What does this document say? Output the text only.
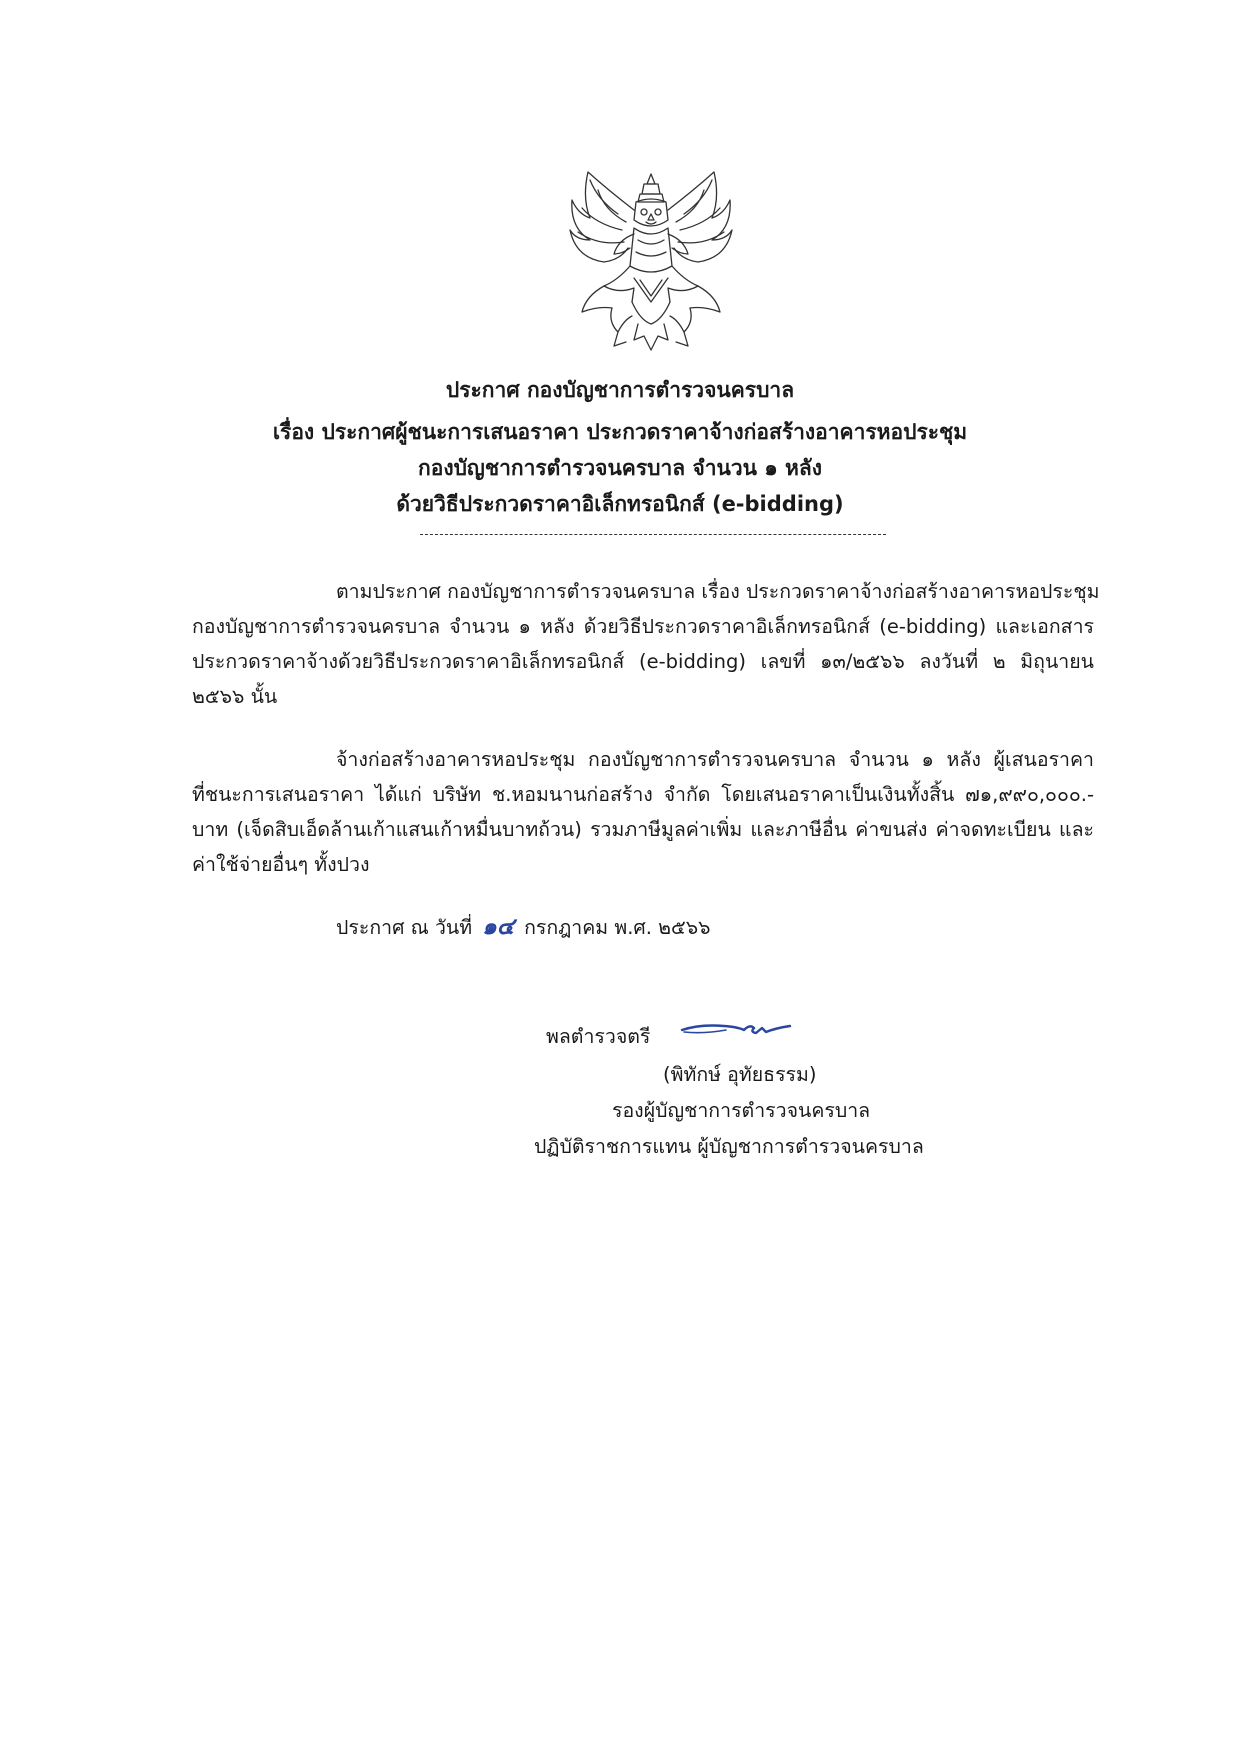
ประกาศ กองบัญชาการตำรวจนครบาล
เรื่อง ประกาศผู้ชนะการเสนอราคา ประกวดราคาจ้างก่อสร้างอาคารหอประชุม
กองบัญชาการตำรวจนครบาล จำนวน ๑ หลัง
ด้วยวิธีประกวดราคาอิเล็กทรอนิกส์ (e-bidding)

ตามประกาศ กองบัญชาการตำรวจนครบาล เรื่อง ประกวดราคาจ้างก่อสร้างอาคารหอประชุม

กองบัญชาการตำรวจนครบาล จำนวน ๑ หลัง ด้วยวิธีประกวดราคาอิเล็กทรอนิกส์ (e-bidding) และเอกสาร

ประกวดราคาจ้างด้วยวิธีประกวดราคาอิเล็กทรอนิกส์ (e-bidding) เลขที่ ๑๓/๒๕๖๖ ลงวันที่ ๒ มิถุนายน

๒๕๖๖ นั้น

จ้างก่อสร้างอาคารหอประชุม กองบัญชาการตำรวจนครบาล จำนวน ๑ หลัง ผู้เสนอราคา

ที่ชนะการเสนอราคา ได้แก่ บริษัท ช.หอมนานก่อสร้าง จำกัด โดยเสนอราคาเป็นเงินทั้งสิ้น ๗๑,๙๙๐,๐๐๐.-

บาท (เจ็ดสิบเอ็ดล้านเก้าแสนเก้าหมื่นบาทถ้วน) รวมภาษีมูลค่าเพิ่ม และภาษีอื่น ค่าขนส่ง ค่าจดทะเบียน และ

ค่าใช้จ่ายอื่นๆ ทั้งปวง

ประกาศ ณ วันที่ ๑๔ กรกฎาคม พ.ศ. ๒๕๖๖
พลตำรวจตรี
(พิทักษ์ อุทัยธรรม)
รองผู้บัญชาการตำรวจนครบาล
ปฏิบัติราชการแทน ผู้บัญชาการตำรวจนครบาล
